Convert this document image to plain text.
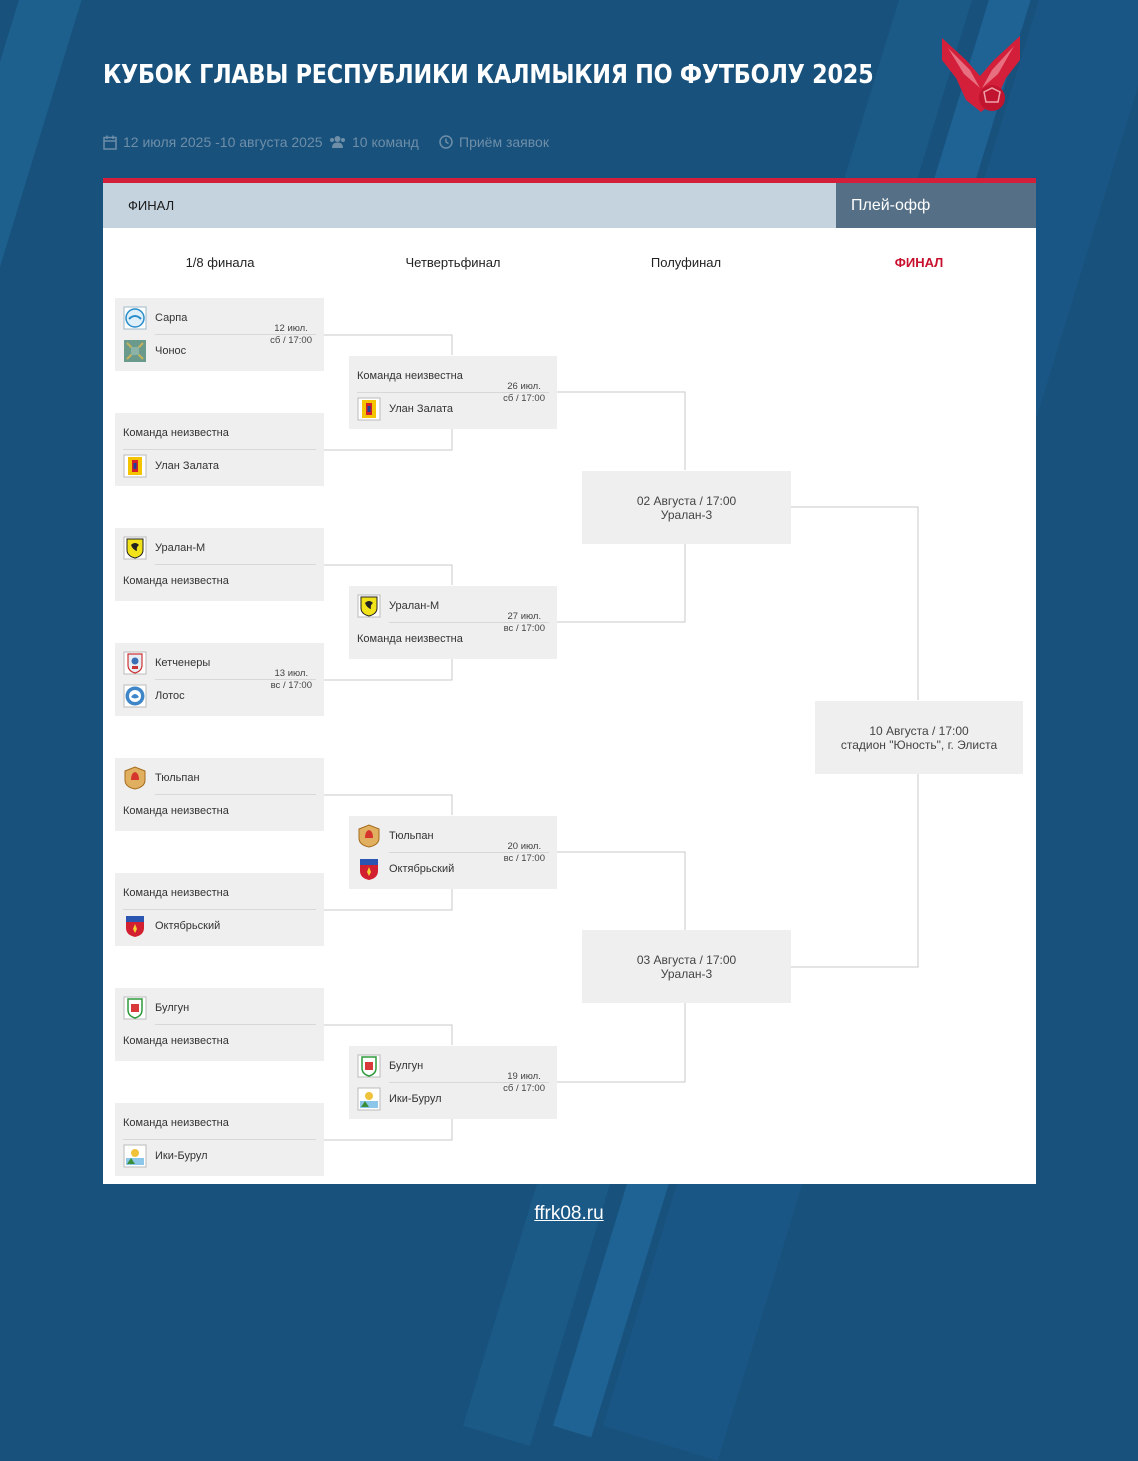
КУБОК ГЛАВЫ РЕСПУБЛИКИ КАЛМЫКИЯ ПО ФУТБОЛУ 2025
12 июля 2025 -10 августа 2025 10 команд	Приём заявок
ФИНАЛ	Плей-офф
1/8 финала	Четвертьфинал	Полуфинал	ФИНАЛ
Сарпа
Чонос
12 июл.
сб / 17:00
Команда неизвестна
Улан Залата
Уралан-М
Команда неизвестна
Кетченеры
Лотос
13 июл.
вс / 17:00
Тюльпан
Команда неизвестна
Команда неизвестна
Октябрьский
Булгун
Команда неизвестна
Команда неизвестна
Ики-Бурул
Команда неизвестна
Улан Залата
26 июл.
сб / 17:00
Уралан-М
Команда неизвестна
27 июл.
вс / 17:00
Тюльпан
Октябрьский
20 июл.
вс / 17:00
Булгун
Ики-Бурул
19 июл.
сб / 17:00
02 Августа / 17:00
Уралан-3
03 Августа / 17:00
Уралан-3
10 Августа / 17:00
стадион "Юность", г. Элиста
ffrk08.ru
